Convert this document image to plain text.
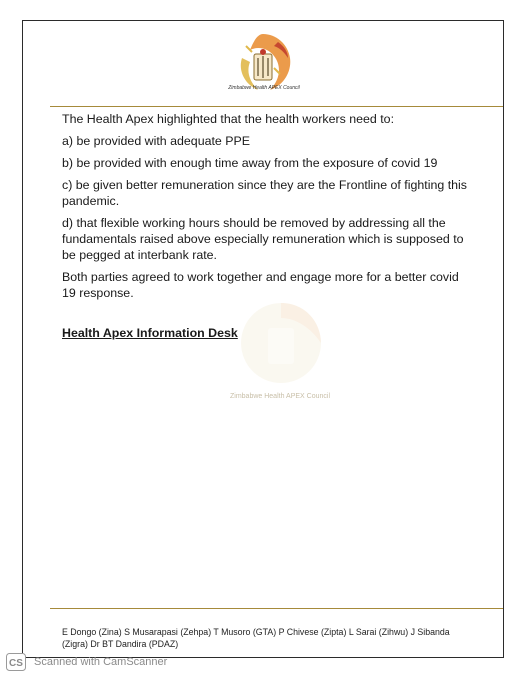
Zimbabwe Health APEX Council

The Health Apex highlighted that the health workers need to:

a) be provided with adequate PPE

b) be provided with enough time away from the exposure of covid 19

c) be given better remuneration since they are the Frontline of fighting this pandemic.

d) that flexible working hours should be removed by addressing all the fundamentals raised above especially remuneration which is supposed to be pegged at interbank rate.

Both parties agreed to work together and engage more for a better covid 19 response.

Health Apex Information Desk
Zimbabwe Health APEX Council
E Dongo (Zina) S Musarapasi (Zehpa) T Musoro (GTA) P Chivese (Zipta) L Sarai (Zihwu) J Sibanda (Zigra) Dr BT Dandira (PDAZ)
CS Scanned with CamScanner
